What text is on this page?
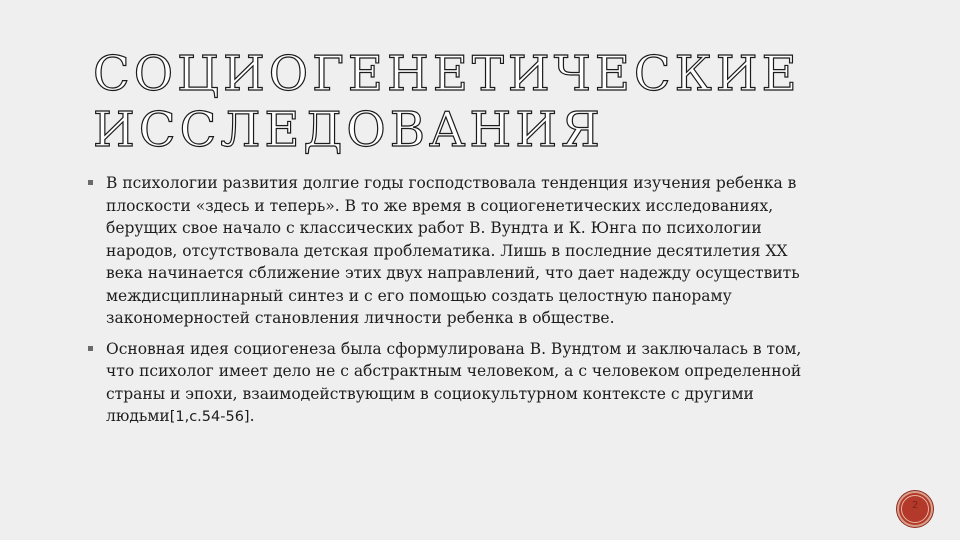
СОЦИОГЕНЕТИЧЕСКИЕ
ИССЛЕДОВАНИЯ
В психологии развития долгие годы господствовала тенденция изучения ребенка в
плоскости «здесь и теперь». В то же время в социогенетических исследованиях,
берущих свое начало с классических работ В. Вундта и К. Юнга по психологии
народов, отсутствовала детская проблематика. Лишь в последние десятилетия ХХ
века начинается сближение этих двух направлений, что дает надежду осуществить
междисциплинарный синтез и с его помощью создать целостную панораму
закономерностей становления личности ребенка в обществе.
Основная идея социогенеза была сформулирована В. Вундтом и заключалась в том,
что психолог имеет дело не с абстрактным человеком, а с человеком определенной
страны и эпохи, взаимодействующим в социокультурном контексте с другими
людьми[1,с.54-56].
2
